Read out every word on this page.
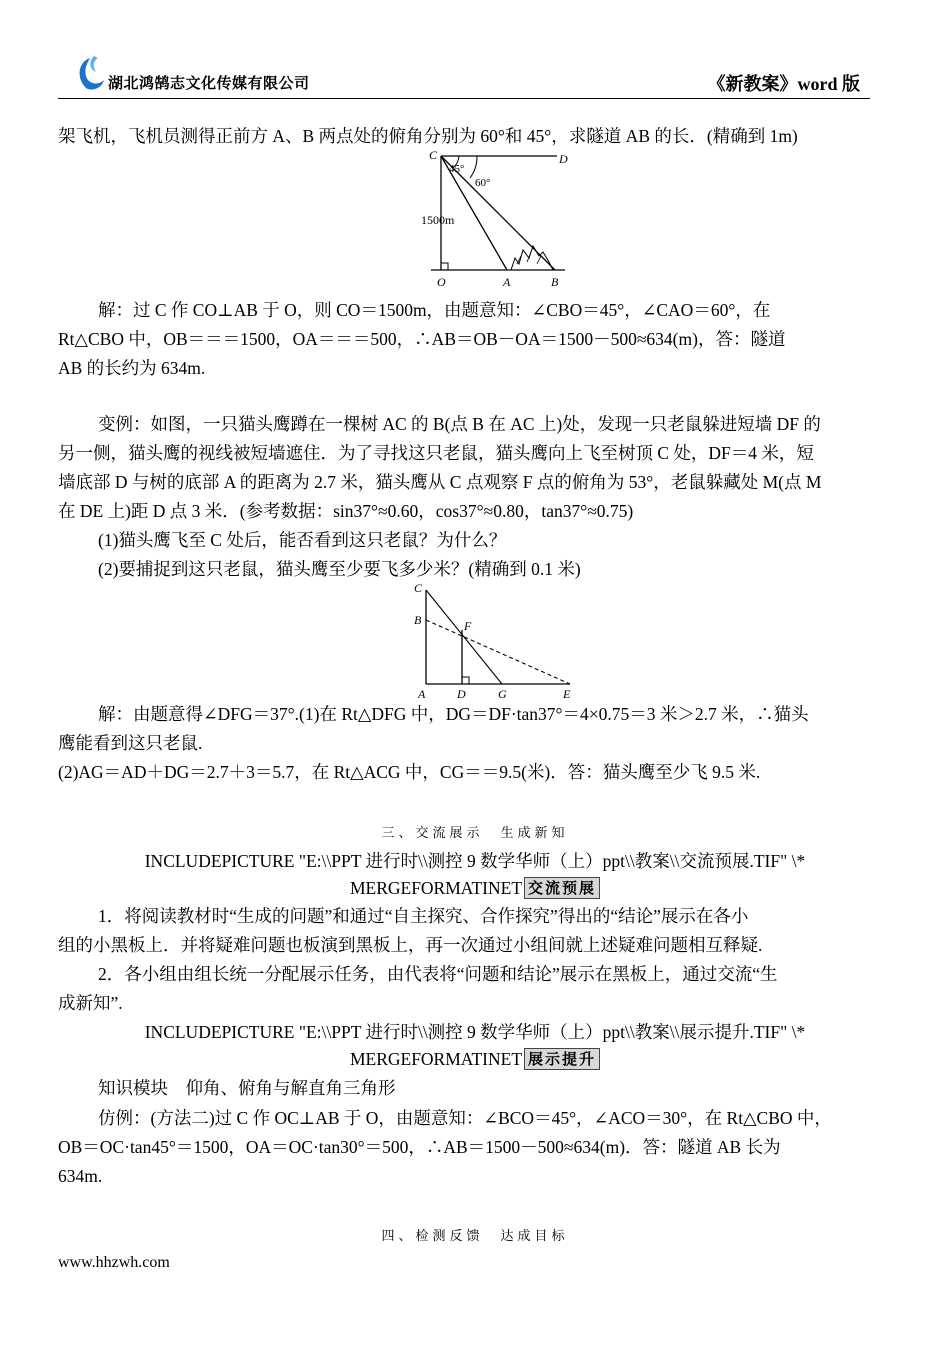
湖北鸿鹄志文化传媒有限公司	《新教案》word 版
架飞机，飞机员测得正前方 A、B 两点处的俯角分别为 60°和 45°，求隧道 AB 的长．(精确到 1m)
C	D
45°
60°
1500m
O	A	B
解：过 C 作 CO⊥AB 于 O，则 CO＝1500m，由题意知：∠CBO＝45°，∠CAO＝60°，在
Rt△CBO 中，OB＝＝＝1500，OA＝＝＝500，∴AB＝OB－OA＝1500－500≈634(m)，答：隧道
AB 的长约为 634m.
变例：如图，一只猫头鹰蹲在一棵树 AC 的 B(点 B 在 AC 上)处，发现一只老鼠躲进短墙 DF 的
另一侧，猫头鹰的视线被短墙遮住．为了寻找这只老鼠，猫头鹰向上飞至树顶 C 处，DF＝4 米，短
墙底部 D 与树的底部 A 的距离为 2.7 米，猫头鹰从 C 点观察 F 点的俯角为 53°，老鼠躲藏处 M(点 M
在 DE 上)距 D 点 3 米．(参考数据：sin37°≈0.60，cos37°≈0.80，tan37°≈0.75)
(1)猫头鹰飞至 C 处后，能否看到这只老鼠？为什么？
(2)要捕捉到这只老鼠，猫头鹰至少要飞多少米？(精确到 0.1 米)
C
B	F
A	D	G	E
解：由题意得∠DFG＝37°.(1)在 Rt△DFG 中，DG＝DF·tan37°＝4×0.75＝3 米＞2.7 米，∴猫头
鹰能看到这只老鼠.
(2)AG＝AD＋DG＝2.7＋3＝5.7，在 Rt△ACG 中，CG＝＝9.5(米)．答：猫头鹰至少飞 9.5 米.
三、交流展示　生成新知
INCLUDEPICTURE "E:\\PPT 进行时\\测控 9 数学华师（上）ppt\\教案\\交流预展.TIF" \*
MERGEFORMATINET 交流预展
1．将阅读教材时“生成的问题”和通过“自主探究、合作探究”得出的“结论”展示在各小
组的小黑板上．并将疑难问题也板演到黑板上，再一次通过小组间就上述疑难问题相互释疑.
2．各小组由组长统一分配展示任务，由代表将“问题和结论”展示在黑板上，通过交流“生
成新知”.
INCLUDEPICTURE "E:\\PPT 进行时\\测控 9 数学华师（上）ppt\\教案\\展示提升.TIF" \*
MERGEFORMATINET 展示提升
知识模块　仰角、俯角与解直角三角形
仿例：(方法二)过 C 作 OC⊥AB 于 O，由题意知：∠BCO＝45°，∠ACO＝30°，在 Rt△CBO 中，
OB＝OC·tan45°＝1500，OA＝OC·tan30°＝500，∴AB＝1500－500≈634(m)．答：隧道 AB 长为
634m.
四、检测反馈　达成目标
www.hhzwh.com
